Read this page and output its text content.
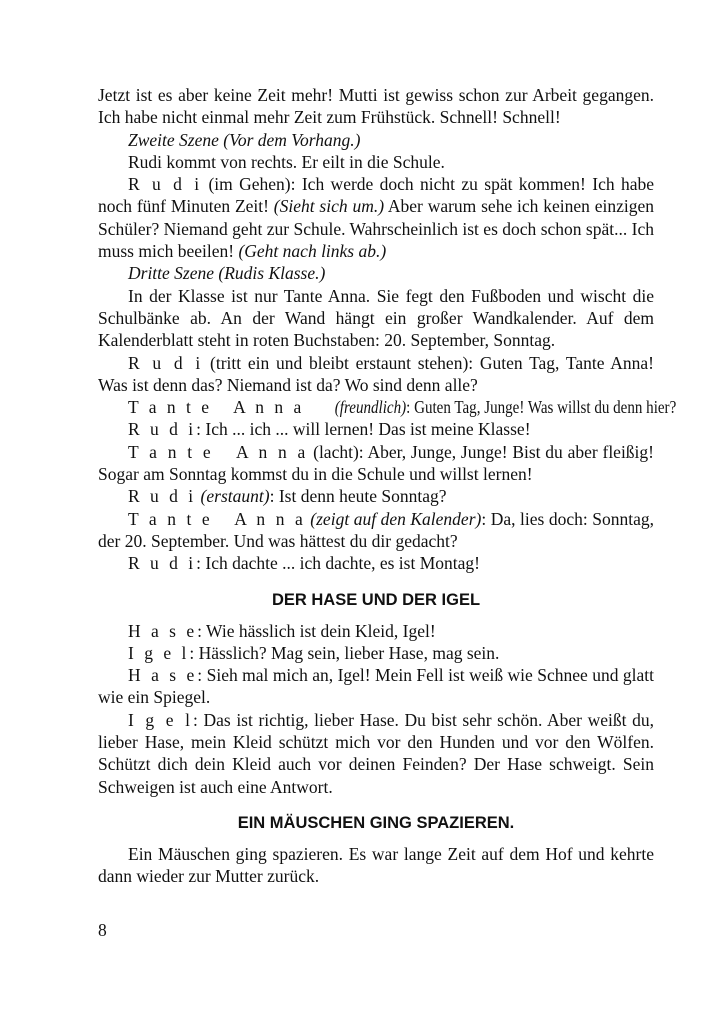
Jetzt ist es aber keine Zeit mehr! Mutti ist gewiss schon zur Arbeit gegangen. Ich habe nicht einmal mehr Zeit zum Frühstück. Schnell! Schnell!

Zweite Szene (Vor dem Vorhang.)

Rudi kommt von rechts. Er eilt in die Schule.

R u d i (im Gehen): Ich werde doch nicht zu spät kommen! Ich habe noch fünf Minuten Zeit! (Sieht sich um.) Aber warum sehe ich keinen einzigen Schüler? Niemand geht zur Schule. Wahrscheinlich ist es doch schon spät... Ich muss mich beeilen! (Geht nach links ab.)

Dritte Szene (Rudis Klasse.)

In der Klasse ist nur Tante Anna. Sie fegt den Fußboden und wischt die Schulbänke ab. An der Wand hängt ein großer Wandkalender. Auf dem Kalenderblatt steht in roten Buchstaben: 20. September, Sonntag.

R u d i (tritt ein und bleibt erstaunt stehen): Guten Tag, Tante Anna! Was ist denn das? Niemand ist da? Wo sind denn alle?

T a n t e   A n n a (freundlich): Guten Tag, Junge! Was willst du denn hier?

R u d i: Ich ... ich ... will lernen! Das ist meine Klasse!

T a n t e   A n n a (lacht): Aber, Junge, Junge! Bist du aber fleißig! Sogar am Sonntag kommst du in die Schule und willst lernen!

R u d i (erstaunt): Ist denn heute Sonntag?

T a n t e   A n n a (zeigt auf den Kalender): Da, lies doch: Sonntag, der 20. September. Und was hättest du dir gedacht?

R u d i: Ich dachte ... ich dachte, es ist Montag!

DER HASE UND DER IGEL

H a s e: Wie hässlich ist dein Kleid, Igel!

I g e l: Hässlich? Mag sein, lieber Hase, mag sein.

H a s e: Sieh mal mich an, Igel! Mein Fell ist weiß wie Schnee und glatt wie ein Spiegel.

I g e l: Das ist richtig, lieber Hase. Du bist sehr schön. Aber weißt du, lieber Hase, mein Kleid schützt mich vor den Hunden und vor den Wölfen. Schützt dich dein Kleid auch vor deinen Feinden? Der Hase schweigt. Sein Schweigen ist auch eine Antwort.

EIN MÄUSCHEN GING SPAZIEREN.

Ein Mäuschen ging spazieren. Es war lange Zeit auf dem Hof und kehrte dann wieder zur Mutter zurück.

8
